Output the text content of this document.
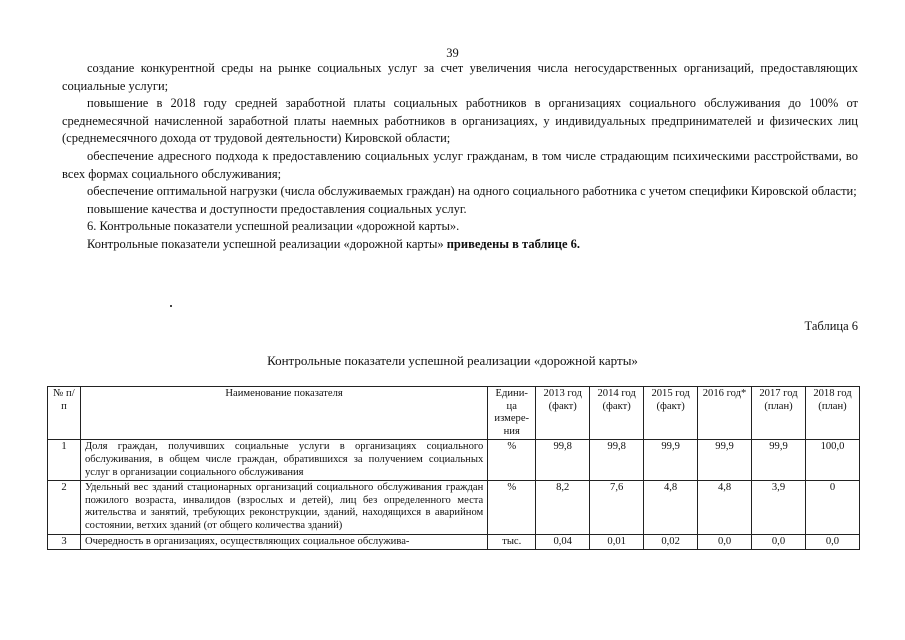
39

создание конкурентной среды на рынке социальных услуг за счет увеличения числа негосударственных организаций, предоставляющих социальные услуги;

повышение в 2018 году средней заработной платы социальных работников в организациях социального обслуживания до 100% от среднемесячной начисленной заработной платы наемных работников в организациях, у индивидуальных предпринимателей и физических лиц (среднемесячного дохода от трудовой деятельности) Кировской области;

обеспечение адресного подхода к предоставлению социальных услуг гражданам, в том числе страдающим психическими расстройствами, во всех формах социального обслуживания;

обеспечение оптимальной нагрузки (числа обслуживаемых граждан) на одного социального работника с учетом специфики Кировской области;

повышение качества и доступности предоставления социальных услуг.

6. Контрольные показатели успешной реализации «дорожной карты».

Контрольные показатели успешной реализации «дорожной карты» приведены в таблице 6.

Таблица 6
Контрольные показатели успешной реализации «дорожной карты»
№ п/п	Наименование показателя	Едини-ца измере-ния	2013 год (факт)	2014 год (факт)	2015 год (факт)	2016 год*	2017 год (план)	2018 год (план)
1	Доля граждан, получивших социальные услуги в организациях социального обслуживания, в общем числе граждан, обратившихся за получением социальных услуг в организации социального обслуживания	%	99,8	99,8	99,9	99,9	99,9	100,0
2	Удельный вес зданий стационарных организаций социального обслуживания граждан пожилого возраста, инвалидов (взрослых и детей), лиц без определенного места жительства и занятий, требующих реконструкции, зданий, находящихся в аварийном состоянии, ветхих зданий (от общего количества зданий)	%	8,2	7,6	4,8	4,8	3,9	0
3	Очередность в организациях, осуществляющих социальное обслужива-	тыс.	0,04	0,01	0,02	0,0	0,0	0,0
